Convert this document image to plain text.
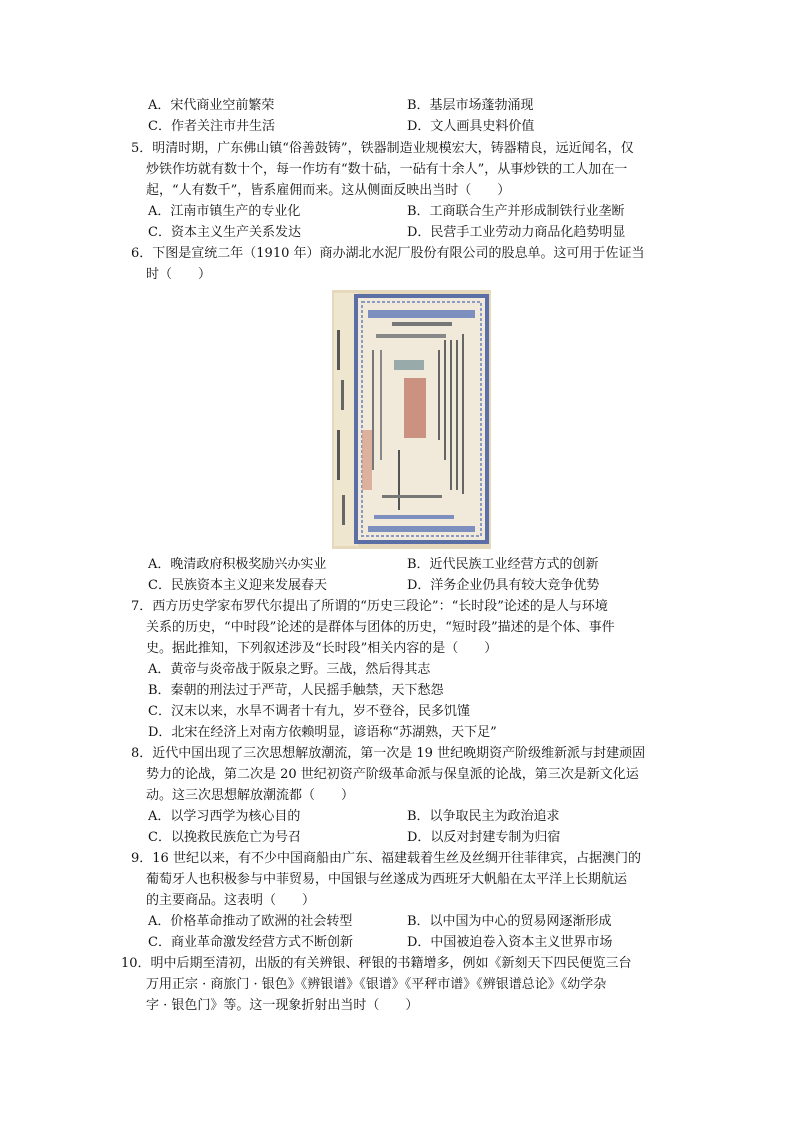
A．宋代商业空前繁荣	B．基层市场蓬勃涌现
C．作者关注市井生活	D．文人画具史料价值
5．明清时期，广东佛山镇“俗善鼓铸”，铁器制造业规模宏大，铸器精良，远近闻名，仅
炒铁作坊就有数十个，每一作坊有“数十砧，一砧有十余人”，从事炒铁的工人加在一
起，“人有数千”，皆系雇佣而来。这从侧面反映出当时（　　）
A．江南市镇生产的专业化	B．工商联合生产并形成制铁行业垄断
C．资本主义生产关系发达	D．民营手工业劳动力商品化趋势明显
6．下图是宣统二年（1910 年）商办湖北水泥厂股份有限公司的股息单。这可用于佐证当
时（　　）
A．晚清政府积极奖励兴办实业	B．近代民族工业经营方式的创新
C．民族资本主义迎来发展春天	D．洋务企业仍具有较大竞争优势
7．西方历史学家布罗代尔提出了所谓的“历史三段论”：“长时段”论述的是人与环境
关系的历史，“中时段”论述的是群体与团体的历史，“短时段”描述的是个体、事件
史。据此推知，下列叙述涉及“长时段”相关内容的是（　　）
A．黄帝与炎帝战于阪泉之野。三战，然后得其志
B．秦朝的刑法过于严苛，人民摇手触禁，天下愁怨
C．汉末以来，水旱不调者十有九，岁不登谷，民多饥馑
D．北宋在经济上对南方依赖明显，谚语称“苏湖熟，天下足”
8．近代中国出现了三次思想解放潮流，第一次是 19 世纪晚期资产阶级维新派与封建顽固
势力的论战，第二次是 20 世纪初资产阶级革命派与保皇派的论战，第三次是新文化运
动。这三次思想解放潮流都（　　）
A．以学习西学为核心目的	B．以争取民主为政治追求
C．以挽救民族危亡为号召	D．以反对封建专制为归宿
9．16 世纪以来，有不少中国商船由广东、福建载着生丝及丝绸开往菲律宾，占据澳门的
葡萄牙人也积极参与中菲贸易，中国银与丝遂成为西班牙大帆船在太平洋上长期航运
的主要商品。这表明（　　）
A．价格革命推动了欧洲的社会转型	B．以中国为中心的贸易网逐渐形成
C．商业革命激发经营方式不断创新	D．中国被迫卷入资本主义世界市场
10．明中后期至清初，出版的有关辨银、秤银的书籍增多，例如《新刻天下四民便览三台
万用正宗 · 商旅门 · 银色》《辨银谱》《银谱》《平秤市谱》《辨银谱总论》《幼学杂
字 · 银色门》等。这一现象折射出当时（　　）
